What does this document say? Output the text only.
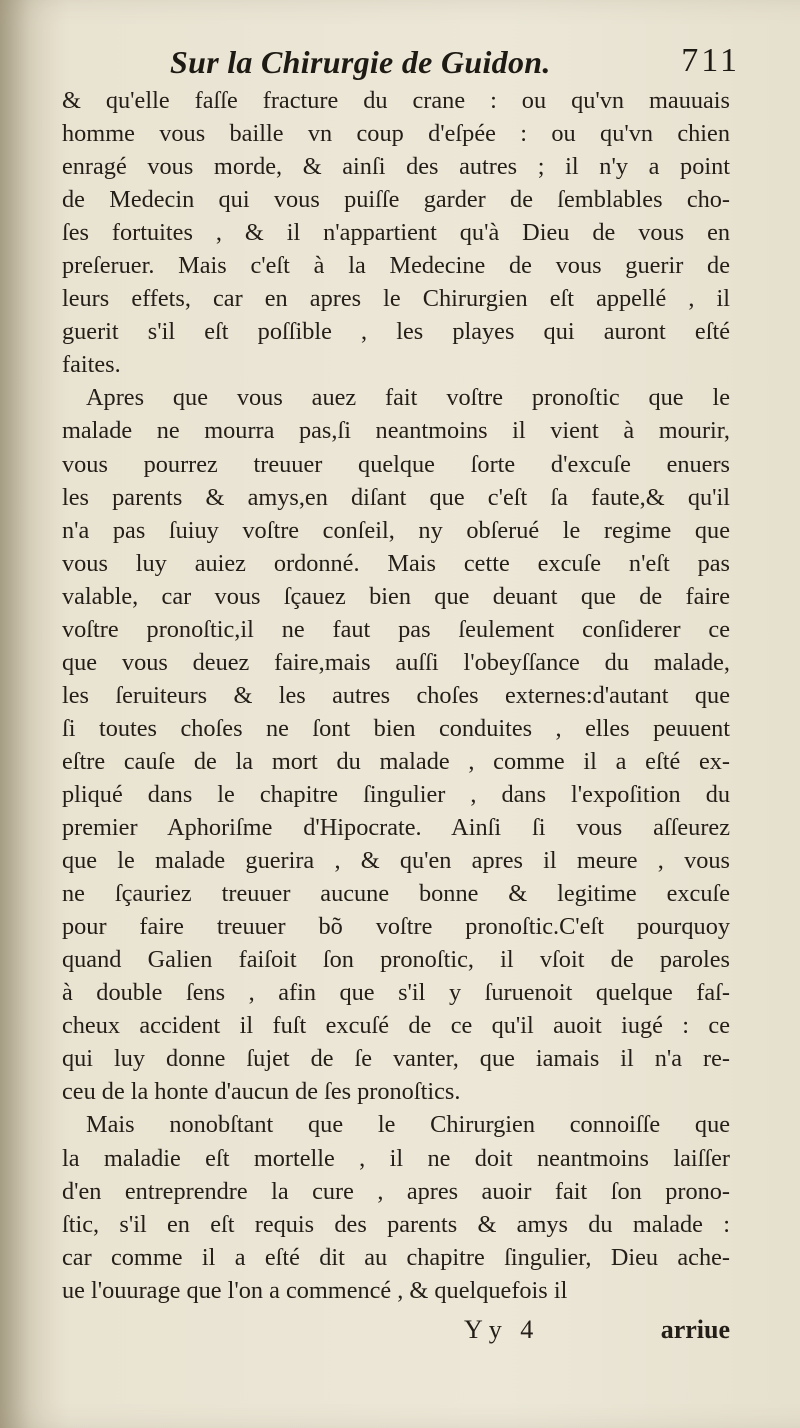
Sur la Chirurgie de Guidon.	711
& qu'elle faſſe fracture du crane : ou qu'vn mauuais
homme vous baille vn coup d'eſpée : ou qu'vn chien
enragé vous morde, & ainſi des autres ; il n'y a point
de Medecin qui vous puiſſe garder de ſemblables cho-
ſes fortuites , & il n'appartient qu'à Dieu de vous en
preſeruer. Mais c'eſt à la Medecine de vous guerir de
leurs effets, car en apres le Chirurgien eſt appellé , il
guerit s'il eſt poſſible , les playes qui auront eſté
faites.
Apres que vous auez fait voſtre pronoſtic que le
malade ne mourra pas,ſi neantmoins il vient à mourir,
vous pourrez treuuer quelque ſorte d'excuſe enuers
les parents & amys,en diſant que c'eſt ſa faute,& qu'il
n'a pas ſuiuy voſtre conſeil, ny obſerué le regime que
vous luy auiez ordonné. Mais cette excuſe n'eſt pas
valable, car vous ſçauez bien que deuant que de faire
voſtre pronoſtic,il ne faut pas ſeulement conſiderer ce
que vous deuez faire,mais auſſi l'obeyſſance du malade,
les ſeruiteurs & les autres choſes externes:d'autant que
ſi toutes choſes ne ſont bien conduites , elles peuuent
eſtre cauſe de la mort du malade , comme il a eſté ex-
pliqué dans le chapitre ſingulier , dans l'expoſition du
premier Aphoriſme d'Hipocrate. Ainſi ſi vous aſſeurez
que le malade guerira , & qu'en apres il meure , vous
ne ſçauriez treuuer aucune bonne & legitime excuſe
pour faire treuuer bõ voſtre pronoſtic.C'eſt pourquoy
quand Galien faiſoit ſon pronoſtic, il vſoit de paroles
à double ſens , afin que s'il y ſuruenoit quelque faſ-
cheux accident il fuſt excuſé de ce qu'il auoit iugé : ce
qui luy donne ſujet de ſe vanter, que iamais il n'a re-
ceu de la honte d'aucun de ſes pronoſtics.
Mais nonobſtant que le Chirurgien connoiſſe que
la maladie eſt mortelle , il ne doit neantmoins laiſſer
d'en entreprendre la cure , apres auoir fait ſon prono-
ſtic, s'il en eſt requis des parents & amys du malade :
car comme il a eſté dit au chapitre ſingulier, Dieu ache-
ue l'ouurage que l'on a commencé , & quelquefois il
Yy 4	arriue
